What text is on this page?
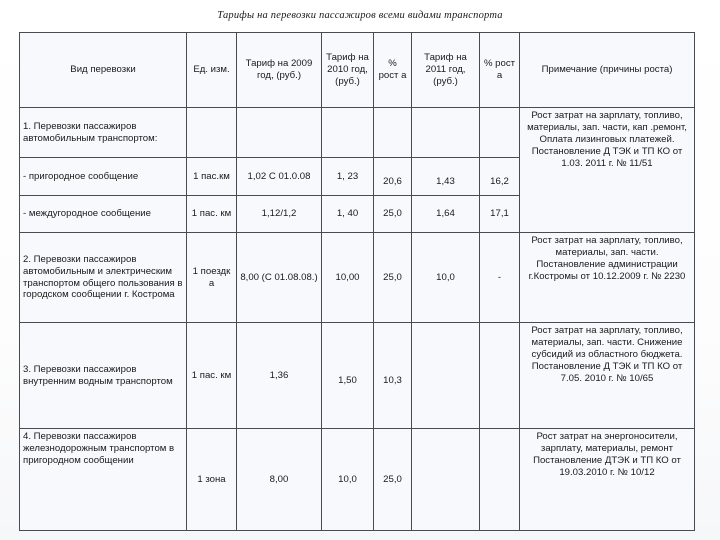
Тарифы на перевозки пассажиров всеми видами транспорта
Вид перевозки	Ед. изм.	Тариф на 2009 год, (руб.)	Тариф на 2010 год, (руб.)	% рост а	Тариф на 2011 год, (руб.)	% рост а	Примечание (причины роста)
1. Перевозки пассажиров автомобильным транспортом:							Рост затрат на зарплату, топливо, материалы, зап. части, кап .ремонт, Оплата лизинговых платежей. Постановление Д ТЭК и ТП КО от 1.03. 2011 г. № 11/51
- пригородное сообщение	1 пас.км	1,02 С 01.0.08	1, 23	20,6	1,43	16,2	
- междугородное сообщение	1 пас. км	1,12/1,2	1, 40	25,0	1,64	17,1	
2. Перевозки пассажиров автомобильным и электрическим транспортом общего пользования в городском сообщении г. Кострома	1 поездк а	8,00 (С 01.08.08.)	10,00	25,0	10,0	-	Рост затрат на зарплату, топливо, материалы, зап. части. Постановление администрации г.Костромы от 10.12.2009 г. № 2230
3. Перевозки пассажиров внутренним водным транспортом	1 пас. км	1,36	1,50	10,3			Рост затрат на зарплату, топливо, материалы, зап. части. Снижение субсидий из областного бюджета. Постановление Д ТЭК и ТП КО от 7.05. 2010 г. № 10/65
4. Перевозки пассажиров железнодорожным транспортом в пригородном сообщении	1 зона	8,00	10,0	25,0			Рост затрат на энергоносители, зарплату, материалы, ремонт Постановление ДТЭК и ТП КО от 19.03.2010 г. № 10/12
